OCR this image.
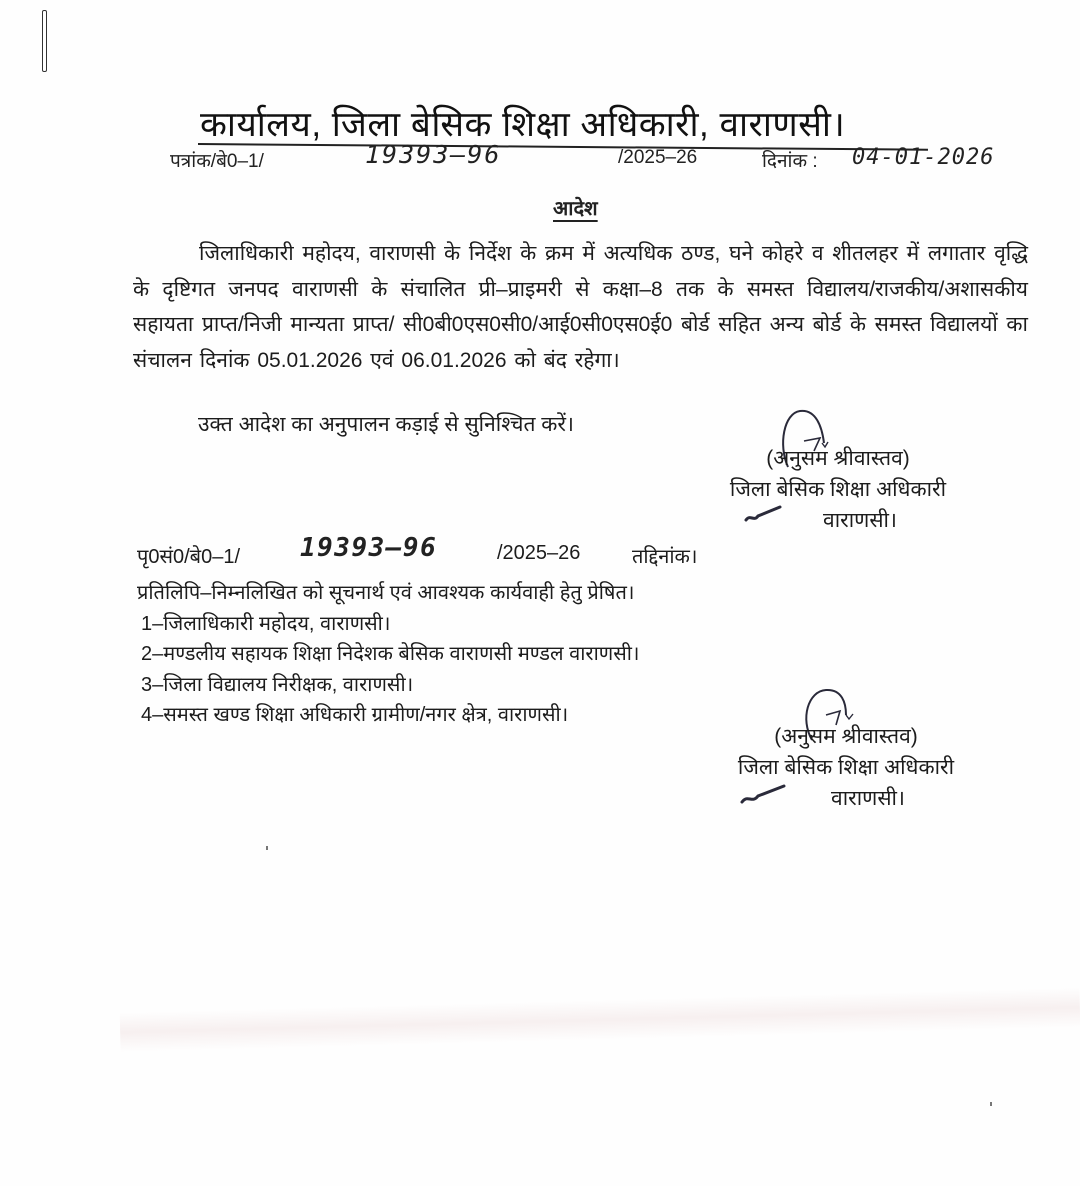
कार्यालय, जिला बेसिक शिक्षा अधिकारी, वाराणसी।
पत्रांक/बे0–1/	19393–96	/2025–26	दिनांक : 04-01-2026
आदेश
जिलाधिकारी महोदय, वाराणसी के निर्देश के क्रम में अत्यधिक ठण्ड, घने कोहरे व शीतलहर में लगातार वृद्धि के दृष्टिगत जनपद वाराणसी के संचालित प्री–प्राइमरी से कक्षा–8 तक के समस्त विद्यालय/राजकीय/अशासकीय सहायता प्राप्त/निजी मान्यता प्राप्त/ सी0बी0एस0सी0/आई0सी0एस0ई0 बोर्ड सहित अन्य बोर्ड के समस्त विद्यालयों का संचालन दिनांक 05.01.2026 एवं 06.01.2026 को बंद रहेगा।
उक्त आदेश का अनुपालन कड़ाई से सुनिश्चित करें।
(अनुसम श्रीवास्तव)
जिला बेसिक शिक्षा अधिकारी
वाराणसी।
पृ0सं0/बे0–1/ 19393–96	/2025–26	तद्दिनांक।
प्रतिलिपि–निम्नलिखित को सूचनार्थ एवं आवश्यक कार्यवाही हेतु प्रेषित।
1–जिलाधिकारी महोदय, वाराणसी।
2–मण्डलीय सहायक शिक्षा निदेशक बेसिक वाराणसी मण्डल वाराणसी।
3–जिला विद्यालय निरीक्षक, वाराणसी।
4–समस्त खण्ड शिक्षा अधिकारी ग्रामीण/नगर क्षेत्र, वाराणसी।
(अनुसम श्रीवास्तव)
जिला बेसिक शिक्षा अधिकारी
वाराणसी।
